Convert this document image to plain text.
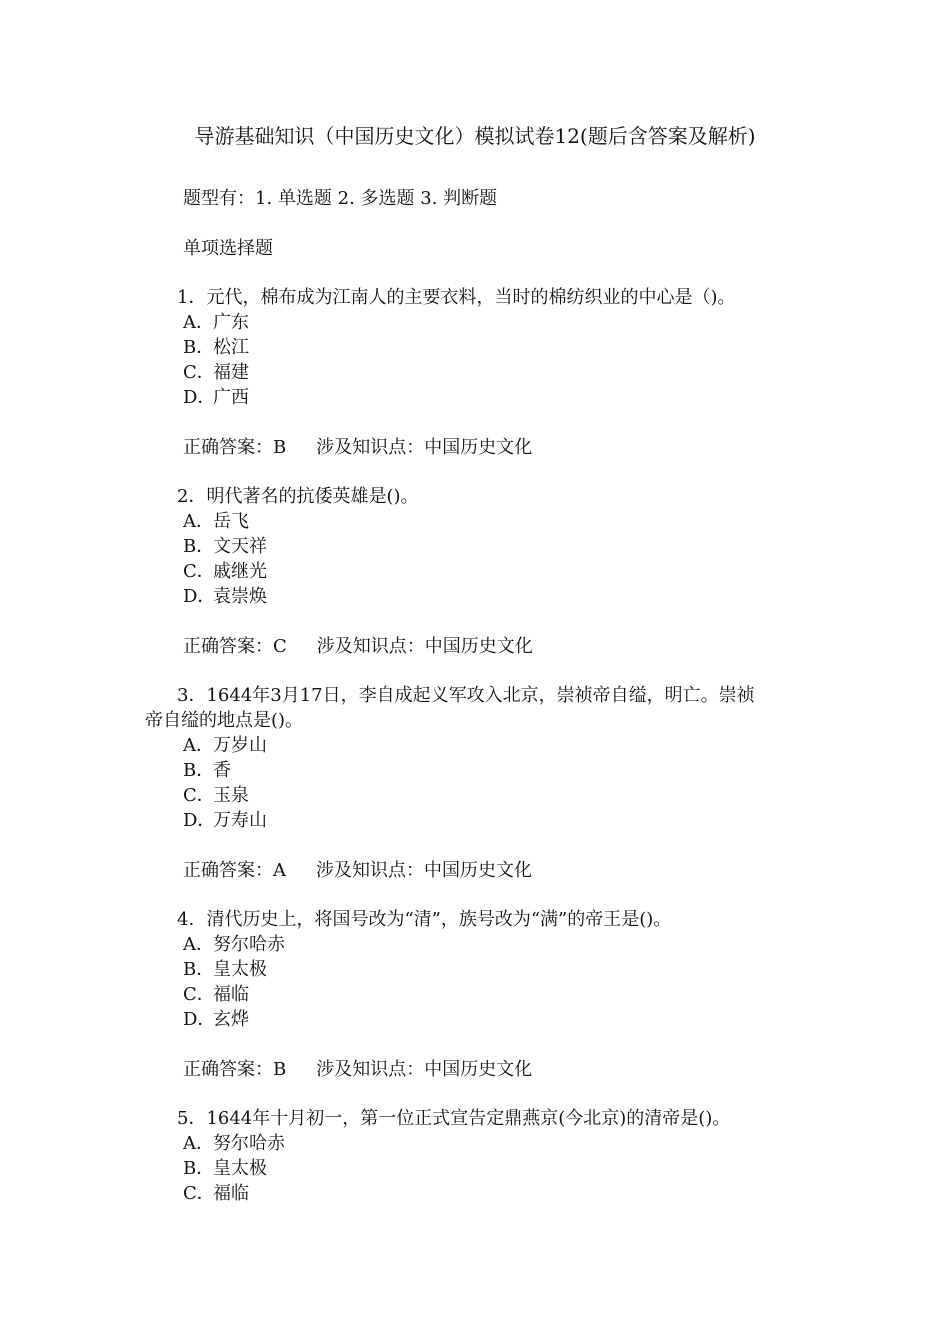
导游基础知识（中国历史文化）模拟试卷12(题后含答案及解析)
题型有：1. 单选题 2. 多选题 3. 判断题
单项选择题
1．元代，棉布成为江南人的主要衣料，当时的棉纺织业的中心是（)。
A．广东
B．松江
C．福建
D．广西
正确答案：B 涉及知识点：中国历史文化
2．明代著名的抗倭英雄是()。
A．岳飞
B．文天祥
C．戚继光
D．袁崇焕
正确答案：C 涉及知识点：中国历史文化
3．1644年3月17日，李自成起义军攻入北京，崇祯帝自缢，明亡。崇祯
帝自缢的地点是()。
A．万岁山
B．香
C．玉泉
D．万寿山
正确答案：A 涉及知识点：中国历史文化
4．清代历史上，将国号改为“清”，族号改为“满”的帝王是()。
A．努尔哈赤
B．皇太极
C．福临
D．玄烨
正确答案：B 涉及知识点：中国历史文化
5．1644年十月初一，第一位正式宣告定鼎燕京(今北京)的清帝是()。
A．努尔哈赤
B．皇太极
C．福临
